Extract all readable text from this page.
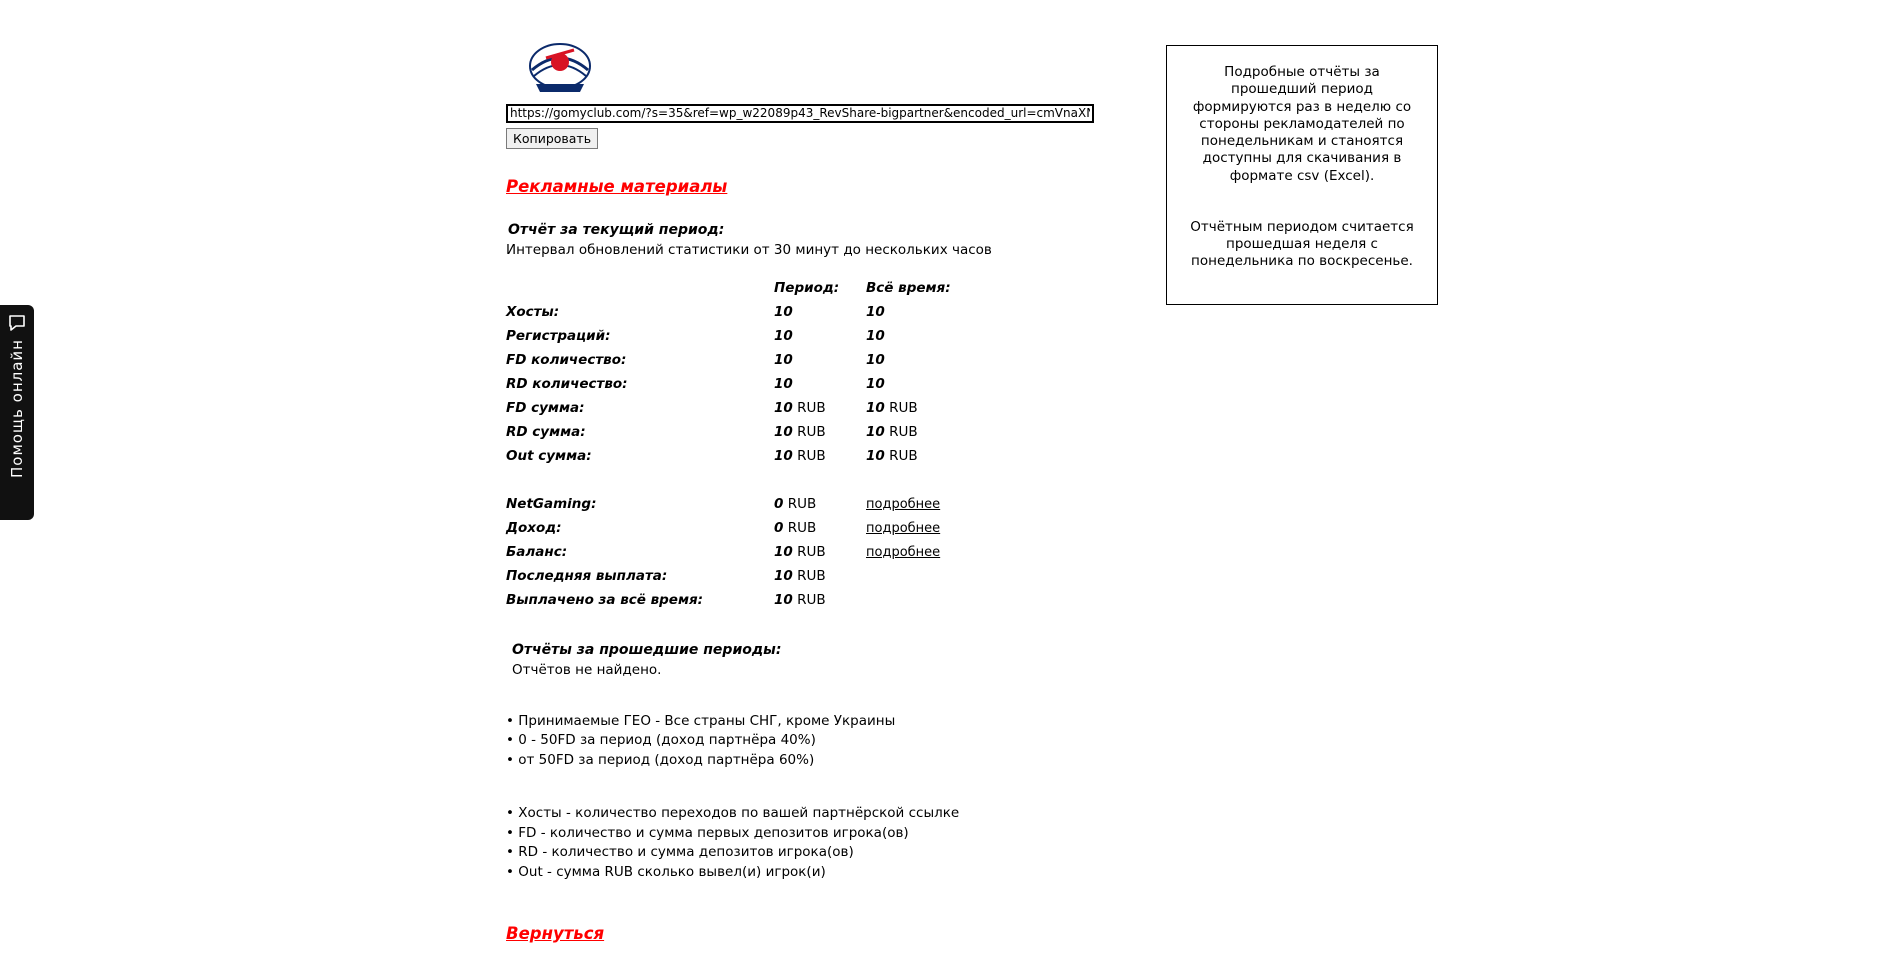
Помощь онлайн
https://gomyclub.com/?s=35&ref=wp_w22089p43_RevShare-bigpartner&encoded_url=cmVnaXN
Копировать
Рекламные материалы
Отчёт за текущий период:
Интервал обновлений статистики от 30 минут до нескольких часов
	Период:	Всё время:
Хосты:	10	10
Регистраций:	10	10
FD количество:	10	10
RD количество:	10	10
FD сумма:	10 RUB	10 RUB
RD сумма:	10 RUB	10 RUB
Out сумма:	10 RUB	10 RUB

NetGaming:	0 RUB	подробнее
Доход:	0 RUB	подробнее
Баланс:	10 RUB	подробнее
Последняя выплата:	10 RUB	
Выплачено за всё время:	10 RUB	
Отчёты за прошедшие периоды:
Отчётов не найдено.
• Принимаемые ГЕО - Все страны СНГ, кроме Украины
• 0 - 50FD за период (доход партнёра 40%)
• от 50FD за период (доход партнёра 60%)
• Хосты - количество переходов по вашей партнёрской ссылке
• FD - количество и сумма первых депозитов игрока(ов)
• RD - количество и сумма депозитов игрока(ов)
• Out - сумма RUB сколько вывел(и) игрок(и)
Вернуться

Подробные отчёты за прошедший период формируются раз в неделю со стороны рекламодателей по понедельникам и станоятся доступны для скачивания в формате csv (Excel).

Отчётным периодом считается прошедшая неделя с понедельника по воскресенье.
